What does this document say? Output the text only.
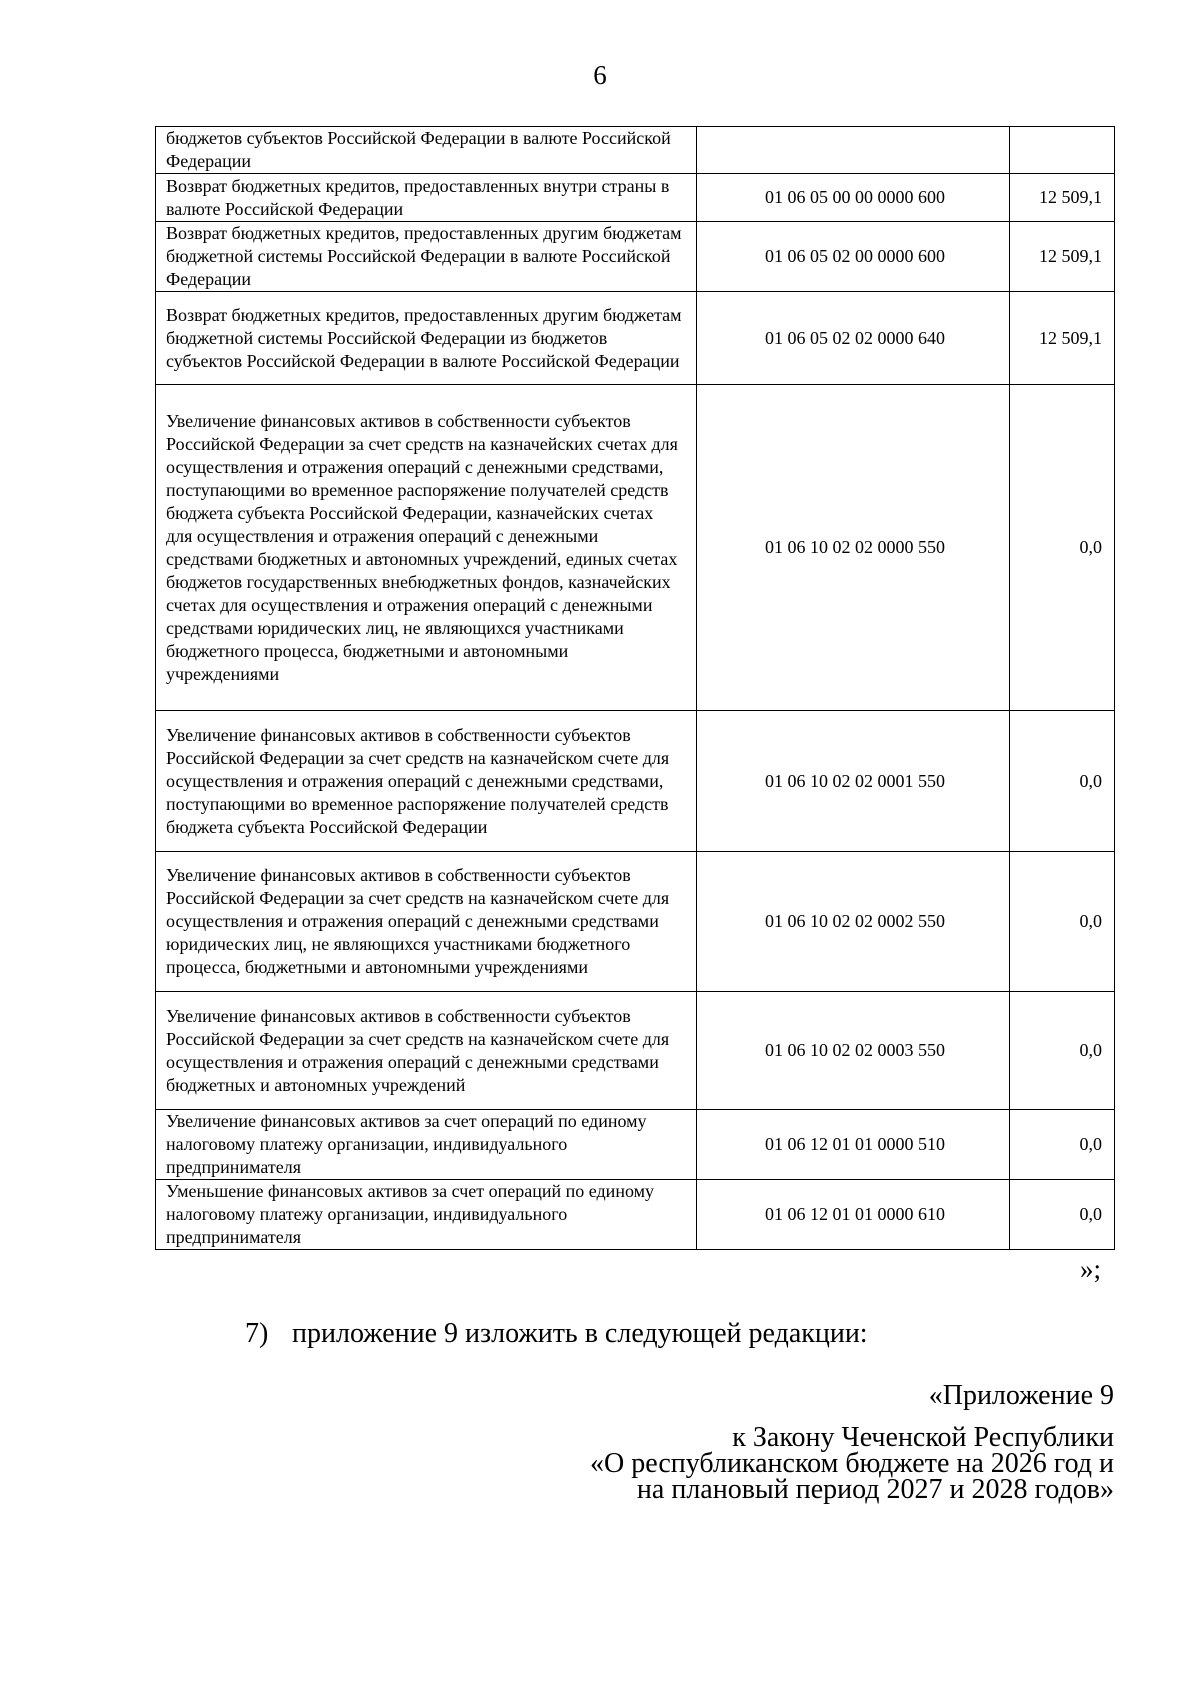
6
бюджетов субъектов Российской Федерации в валюте Российской Федерации		
Возврат бюджетных кредитов, предоставленных внутри страны в валюте Российской Федерации	01 06 05 00 00 0000 600	12 509,1
Возврат бюджетных кредитов, предоставленных другим бюджетам бюджетной системы Российской Федерации в валюте Российской Федерации	01 06 05 02 00 0000 600	12 509,1
Возврат бюджетных кредитов, предоставленных другим бюджетам бюджетной системы Российской Федерации из бюджетов субъектов Российской Федерации в валюте Российской Федерации	01 06 05 02 02 0000 640	12 509,1
Увеличение финансовых активов в собственности субъектов Российской Федерации за счет средств на казначейских счетах для осуществления и отражения операций с денежными средствами, поступающими во временное распоряжение получателей средств бюджета субъекта Российской Федерации, казначейских счетах для осуществления и отражения операций с денежными средствами бюджетных и автономных учреждений, единых счетах бюджетов государственных внебюджетных фондов, казначейских счетах для осуществления и отражения операций с денежными средствами юридических лиц, не являющихся участниками бюджетного процесса, бюджетными и автономными учреждениями	01 06 10 02 02 0000 550	0,0
Увеличение финансовых активов в собственности субъектов Российской Федерации за счет средств на казначейском счете для осуществления и отражения операций с денежными средствами, поступающими во временное распоряжение получателей средств бюджета субъекта Российской Федерации	01 06 10 02 02 0001 550	0,0
Увеличение финансовых активов в собственности субъектов Российской Федерации за счет средств на казначейском счете для осуществления и отражения операций с денежными средствами юридических лиц, не являющихся участниками бюджетного процесса, бюджетными и автономными учреждениями	01 06 10 02 02 0002 550	0,0
Увеличение финансовых активов в собственности субъектов Российской Федерации за счет средств на казначейском счете для осуществления и отражения операций с денежными средствами бюджетных и автономных учреждений	01 06 10 02 02 0003 550	0,0
Увеличение финансовых активов за счет операций по единому налоговому платежу организации, индивидуального предпринимателя	01 06 12 01 01 0000 510	0,0
Уменьшение финансовых активов за счет операций по единому налоговому платежу организации, индивидуального предпринимателя	01 06 12 01 01 0000 610	0,0
»;
7) приложение 9 изложить в следующей редакции:
«Приложение 9
к Закону Чеченской Республики
«О республиканском бюджете на 2026 год и
на плановый период 2027 и 2028 годов»
